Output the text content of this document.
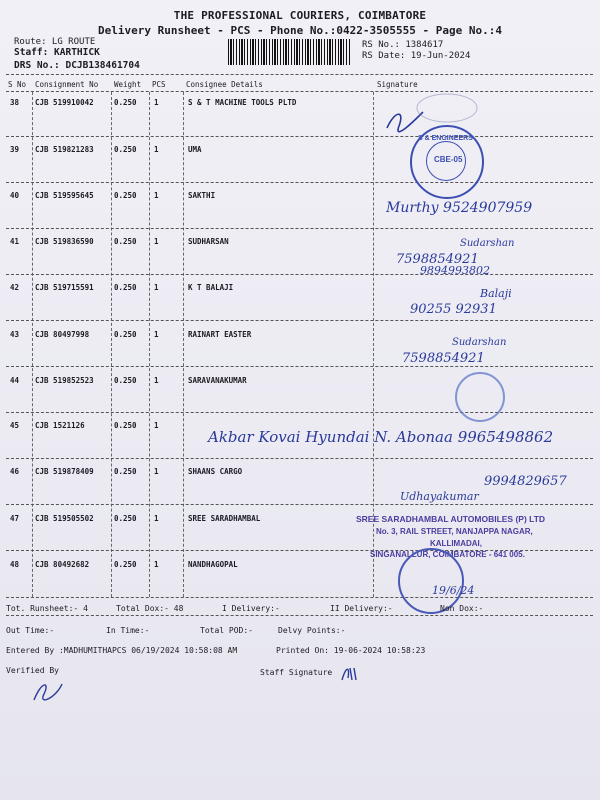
THE PROFESSIONAL COURIERS, COIMBATORE
Delivery Runsheet - PCS - Phone No.:0422-3505555 - Page No.:4
Route: LG ROUTE
Staff: KARTHICK
DRS No.: DCJB138461704
RS No.: 1384617
RS Date: 19-Jun-2024
S No Consignment No Weight PCS	Consignee Details	Signature
38 CJB 519910042	0.250 1	S & T MACHINE TOOLS PLTD
39 CJB 519821283	0.250 1	UMA
40 CJB 519595645	0.250 1	SAKTHI
41 CJB 519836590	0.250 1	SUDHARSAN
42 CJB 519715591	0.250 1	K T BALAJI
43 CJB 80497998	0.250 1	RAINART EASTER
44 CJB 519852523	0.250 1	SARAVANAKUMAR
45 CJB 1521126	0.250 1
46 CJB 519878409	0.250 1	SHAANS CARGO
47 CJB 519505502	0.250 1	SREE SARADHAMBAL
48 CJB 80492682	0.250 1	NANDHAGOPAL
S & ENGINEERS
CBE-05
Murthy 9524907959
Sudarshan
7598854921
9894993802
Balaji
90255 92931
Sudarshan
7598854921
Akbar Kovai Hyundai N. Abonaa 9965498862
9994829657
Udhayakumar
SREE SARADHAMBAL AUTOMOBILES (P) LTD
No. 3, RAIL STREET, NANJAPPA NAGAR,
KALLIMADAI,
SINGANALLUR, COIMBATORE - 641 005.
19/6/24
Tot. Runsheet:- 4	Total Dox:- 48	I Delivery:-	II Delivery:-	Non Dox:-
Out Time:-	In Time:-	Total POD:-	Delvy Points:-
Entered By :MADHUMITHAPCS 06/19/2024 10:58:08 AM	Printed On: 19-06-2024 10:58:23
Verified By	Staff Signature
